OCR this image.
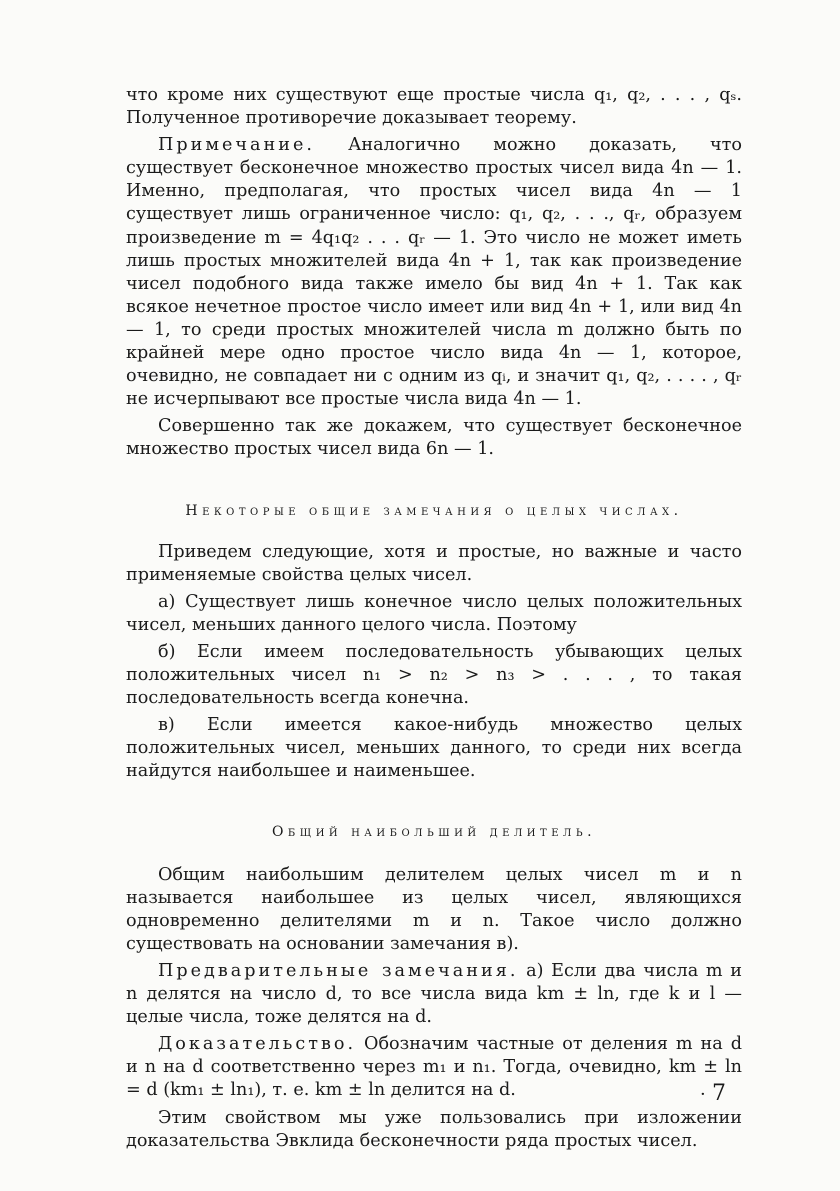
что кроме них существуют еще простые числа q₁, q₂, . . . , qₛ. Полученное противоречие доказывает теорему.

Примечание. Аналогично можно доказать, что существует бесконечное множество простых чисел вида 4n — 1. Именно, предполагая, что простых чисел вида 4n — 1 существует лишь ограниченное число: q₁, q₂, . . ., qᵣ, образуем произведение m = 4q₁q₂ . . . qᵣ — 1. Это число не может иметь лишь простых множителей вида 4n + 1, так как произведение чисел подобного вида также имело бы вид 4n + 1. Так как всякое нечетное простое число имеет или вид 4n + 1, или вид 4n — 1, то среди простых множителей числа m должно быть по крайней мере одно простое число вида 4n — 1, которое, очевидно, не совпадает ни с одним из qᵢ, и значит q₁, q₂, . . . . , qᵣ не исчерпывают все простые числа вида 4n — 1.

Совершенно так же докажем, что существует бесконечное множество простых чисел вида 6n — 1.

Некоторые общие замечания о целых числах.

Приведем следующие, хотя и простые, но важные и часто применяемые свойства целых чисел.

а) Существует лишь конечное число целых положительных чисел, меньших данного целого числа. Поэтому

б) Если имеем последовательность убывающих целых положительных чисел n₁ > n₂ > n₃ > . . . , то такая последовательность всегда конечна.

в) Если имеется какое-нибудь множество целых положительных чисел, меньших данного, то среди них всегда найдутся наибольшее и наименьшее.

Общий наибольший делитель.

Общим наибольшим делителем целых чисел m и n называется наибольшее из целых чисел, являющихся одновременно делителями m и n. Такое число должно существовать на основании замечания в).

Предварительные замечания. а) Если два числа m и n делятся на число d, то все числа вида km ± ln, где k и l — целые числа, тоже делятся на d.

Доказательство. Обозначим частные от деления m на d и n на d соответственно через m₁ и n₁. Тогда, очевидно, km ± ln = d (km₁ ± ln₁), т. е. km ± ln делится на d.

Этим свойством мы уже пользовались при изложении доказательства Эвклида бесконечности ряда простых чисел.

· 7
